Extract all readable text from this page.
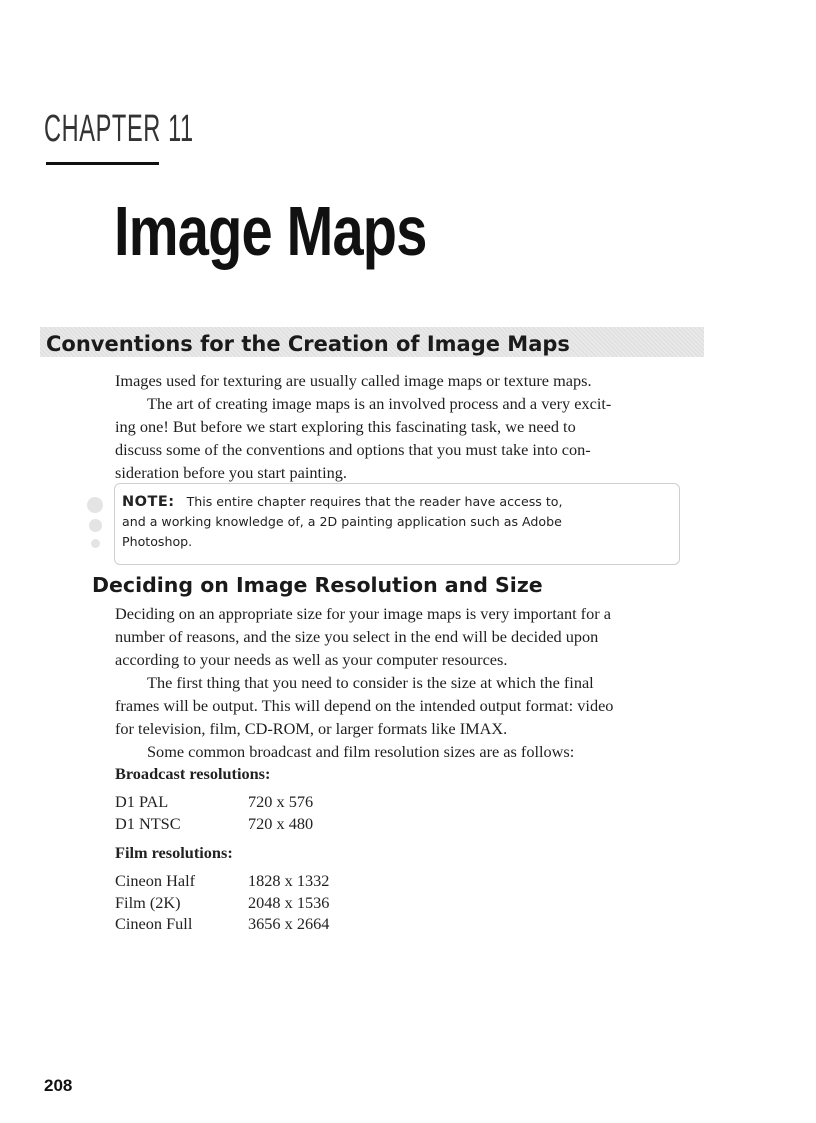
CHAPTER 11
Image Maps
Conventions for the Creation of Image Maps

Images used for texturing are usually called image maps or texture maps.

The art of creating image maps is an involved process and a very excit-
ing one! But before we start exploring this fascinating task, we need to
discuss some of the conventions and options that you must take into con-
sideration before you start painting.

NOTE: This entire chapter requires that the reader have access to,
and a working knowledge of, a 2D painting application such as Adobe
Photoshop.

Deciding on Image Resolution and Size

Deciding on an appropriate size for your image maps is very important for a
number of reasons, and the size you select in the end will be decided upon
according to your needs as well as your computer resources.

The first thing that you need to consider is the size at which the final
frames will be output. This will depend on the intended output format: video
for television, film, CD-ROM, or larger formats like IMAX.

Some common broadcast and film resolution sizes are as follows:

Broadcast resolutions:

D1 PAL	720 x 576
D1 NTSC	720 x 480

Film resolutions:

Cineon Half	1828 x 1332
Film (2K)	2048 x 1536
Cineon Full	3656 x 2664

208
